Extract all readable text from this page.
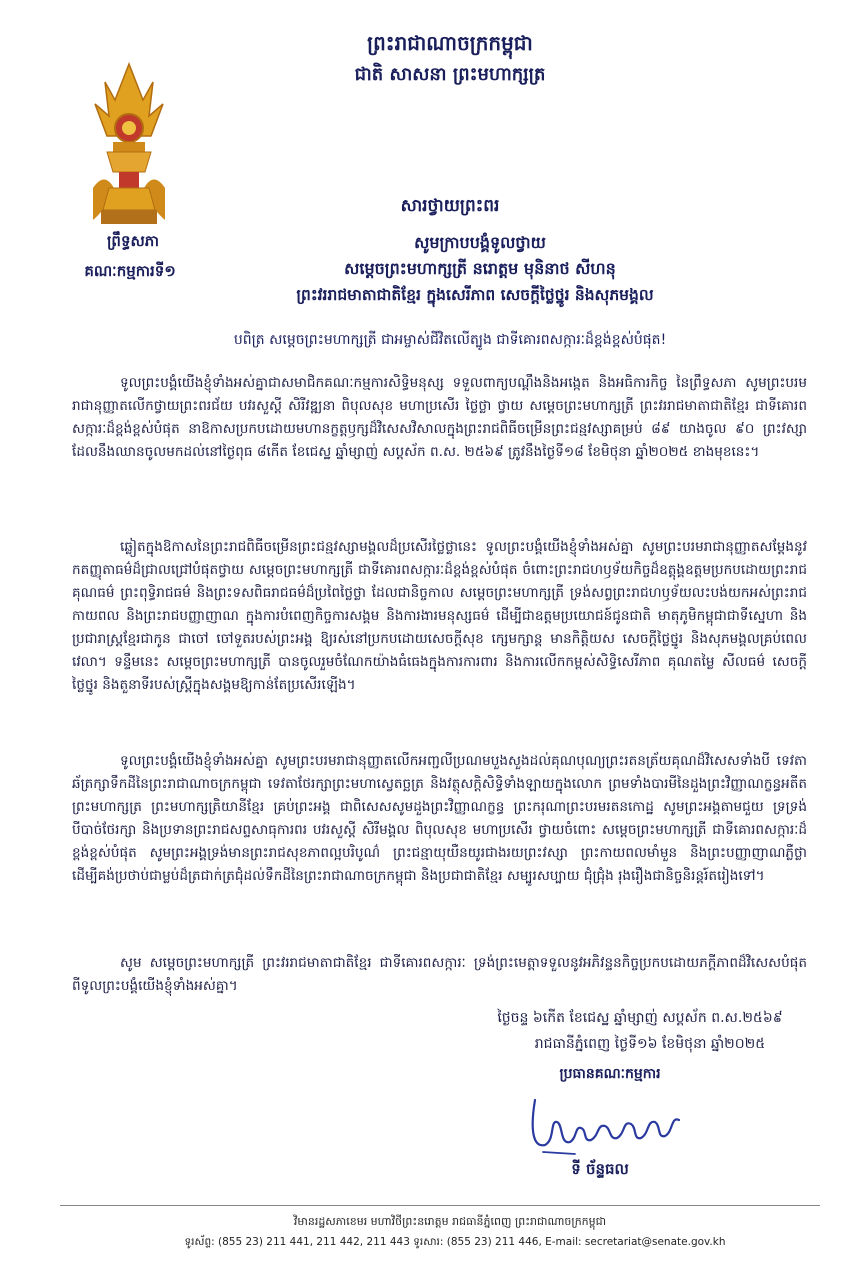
ព្រះរាជាណាចក្រកម្ពុជា
ជាតិ សាសនា ព្រះមហាក្សត្រ
ព្រឹទ្ធសភា
គណៈកម្មការទី១
សារថ្វាយព្រះពរ
សូមក្រាបបង្គំទូលថ្វាយ
សម្ដេចព្រះមហាក្សត្រី នរោត្ដម មុនិនាថ សីហនុ
ព្រះវររាជមាតាជាតិខ្មែរ ក្នុងសេរីភាព សេចក្ដីថ្លៃថ្នូរ និងសុភមង្គល
បពិត្រ សម្ដេចព្រះមហាក្សត្រី ជាអម្ចាស់ជីវិតលើត្បូង ជាទីគោរពសក្ការៈដ៏ខ្ពង់ខ្ពស់បំផុត!
ទូលព្រះបង្គំយើងខ្ញុំទាំងអស់គ្នាជាសមាជិកគណៈកម្មការសិទ្ធិមនុស្ស ទទួលពាក្យបណ្ដឹងនិងអង្កេត និងអធិការកិច្ច នៃព្រឹទ្ធសភា សូមព្រះបរមរាជានុញ្ញាតលើកថ្វាយព្រះពរជ័យ បវរសួស្ដី សិរីវឌ្ឍនា ពិបុលសុខ មហាប្រសើរ ថ្លៃថ្លា ថ្វាយ សម្ដេចព្រះមហាក្សត្រី ព្រះវររាជមាតាជាតិខ្មែរ ជាទីគោរពសក្ការៈដ៏ខ្ពង់ខ្ពស់បំផុត នាឱកាសប្រកបដោយមហានក្ខត្តឫក្សដ៏វិសេសវិសាលក្នុងព្រះរាជពិធីចម្រើនព្រះជន្មវស្សាគម្រប់ ៨៩ យាងចូល ៩០ ព្រះវស្សា ដែលនឹងឈានចូលមកដល់នៅថ្ងៃពុធ ៨កើត ខែជេស្ឋ ឆ្នាំម្សាញ់ សប្តស័ក ព.ស. ២៥៦៩ ត្រូវនឹងថ្ងៃទី១៨ ខែមិថុនា ឆ្នាំ២០២៥ ខាងមុខនេះ។
ឆ្លៀតក្នុងឱកាសនៃព្រះរាជពិធីចម្រើនព្រះជន្មវស្សាមង្គលដ៏ប្រសើរថ្លៃថ្លានេះ ទូលព្រះបង្គំយើងខ្ញុំទាំងអស់គ្នា សូមព្រះបរមរាជានុញ្ញាតសម្ដែងនូវកតញ្ញុតាធម៌ដ៏ជ្រាលជ្រៅបំផុតថ្វាយ សម្ដេចព្រះមហាក្សត្រី ជាទីគោរពសក្ការៈដ៏ខ្ពង់ខ្ពស់បំផុត ចំពោះព្រះរាជហឫទ័យកិច្ចដ៏ឧត្ដុង្គឧត្ដមប្រកបដោយព្រះរាជគុណធម៌ ព្រះពុទ្ធិរាជធម៌ និងព្រះទសពិធរាជធម៌ដ៏ប្រពៃថ្លៃថ្លា ដែលជានិច្ចកាល សម្ដេចព្រះមហាក្សត្រី ទ្រង់សព្វព្រះរាជហឫទ័យលះបង់យកអស់ព្រះរាជកាយពល និងព្រះរាជបញ្ញាញាណ ក្នុងការបំពេញកិច្ចការសង្គម និងការងារមនុស្សធម៌ ដើម្បីជាឧត្ដមប្រយោជន៍ជូនជាតិ មាតុភូមិកម្ពុជាជាទីស្នេហា និងប្រជារាស្ត្រខ្មែរជាកូន ជាចៅ ចៅទួតរបស់ព្រះអង្គ ឱ្យរស់នៅប្រកបដោយសេចក្ដីសុខ ក្សេមក្សាន្ដ មានកិត្តិយស សេចក្ដីថ្លៃថ្នូរ និងសុភមង្គលគ្រប់ពេលវេលា។ ទន្ទឹមនេះ សម្ដេចព្រះមហាក្សត្រី បានចូលរួមចំណែកយ៉ាងធំធេងក្នុងការការពារ និងការលើកកម្ពស់សិទ្ធិសេរីភាព គុណតម្លៃ សីលធម៌ សេចក្ដីថ្លៃថ្នូរ និងតួនាទីរបស់ស្ត្រីក្នុងសង្គមឱ្យកាន់តែប្រសើរឡើង។
ទូលព្រះបង្គំយើងខ្ញុំទាំងអស់គ្នា សូមព្រះបរមរាជានុញ្ញាតលើកអញ្ជលីប្រណមបួងសួងដល់គុណបុណ្យព្រះរតនត្រ័យគុណដ៏វិសេសទាំងបី ទេវតាឆ័ត្រក្សាទឹកដីនៃព្រះរាជាណាចក្រកម្ពុជា ទេវតាថែរក្សាព្រះមហាស្វេតច្ឆត្រ និងវត្ថុសក្តិសិទ្ធិទាំងឡាយក្នុងលោក ព្រមទាំងបារមីនៃដួងព្រះវិញ្ញាណក្ខន្ធអតីតព្រះមហាក្សត្រ ព្រះមហាក្សត្រិយានីខ្មែរ គ្រប់ព្រះអង្គ ជាពិសេសសូមដួងព្រះវិញ្ញាណក្ខន្ធ ព្រះករុណាព្រះបរមរតនកោដ្ឋ សូមព្រះអង្គតាមជួយ ទ្រទ្រង់បីបាច់ថែរក្សា និងប្រទានព្រះរាជសព្ទសាធុការពរ បវរសួស្ដី សិរីមង្គល ពិបុលសុខ មហាប្រសើរ ថ្វាយចំពោះ សម្ដេចព្រះមហាក្សត្រី ជាទីគោរពសក្ការៈដ៏ខ្ពង់ខ្ពស់បំផុត សូមព្រះអង្គទ្រង់មានព្រះរាជសុខភាពល្អបរិបូណ៌ ព្រះជន្មាយុយឺនយូរជាងរយព្រះវស្សា ព្រះកាយពលមាំមួន និងព្រះបញ្ញាញាណភ្លឺថ្លា ដើម្បីគង់ប្រថាប់ជាម្លប់ដ៏ត្រជាក់ត្រជុំដល់ទឹកដីនៃព្រះរាជាណាចក្រកម្ពុជា និងប្រជាជាតិខ្មែរ សម្បូរសប្បាយ ជុំជ្រុំង រុងរឿងជានិច្ចនិរន្ដរ៍តរៀងទៅ។
សូម សម្ដេចព្រះមហាក្សត្រី ព្រះវររាជមាតាជាតិខ្មែរ ជាទីគោរពសក្ការៈ ទ្រង់ព្រះមេត្តាទទួលនូវអភិវន្ទនកិច្ចប្រកបដោយភក្ដីភាពដ៏វិសេសបំផុត ពីទូលព្រះបង្គំយើងខ្ញុំទាំងអស់គ្នា។
ថ្ងៃចន្ទ ៦កើត ខែជេស្ឋ ឆ្នាំម្សាញ់ សប្តស័ក ព.ស.២៥៦៩
រាជធានីភ្នំពេញ ថ្ងៃទី១៦ ខែមិថុនា ឆ្នាំ២០២៥
ប្រធានគណៈកម្មការ
ទី ច័ន្ទធល
វិមានរដ្ឋសភាខេមរ មហាវិថីព្រះនរោត្ដម រាជធានីភ្នំពេញ ព្រះរាជាណាចក្រកម្ពុជា
ទូរស័ព្ទ: (855 23) 211 441, 211 442, 211 443 ទូរសារ: (855 23) 211 446, E-mail: secretariat@senate.gov.kh
